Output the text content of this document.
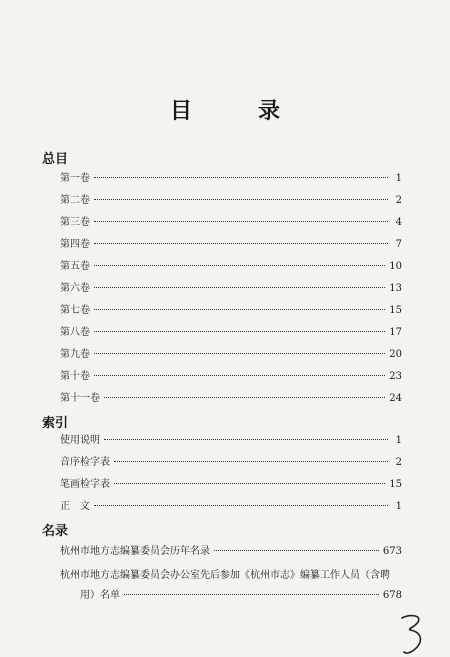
目　录
总目
第一卷	1
第二卷	2
第三卷	4
第四卷	7
第五卷	10
第六卷	13
第七卷	15
第八卷	17
第九卷	20
第十卷	23
第十一卷	24
索引
使用说明	1
音序检字表	2
笔画检字表	15
正　文	1
名录
杭州市地方志编纂委员会历年名录	673
杭州市地方志编纂委员会办公室先后参加《杭州市志》编纂工作人员（含聘
用）名单	678
